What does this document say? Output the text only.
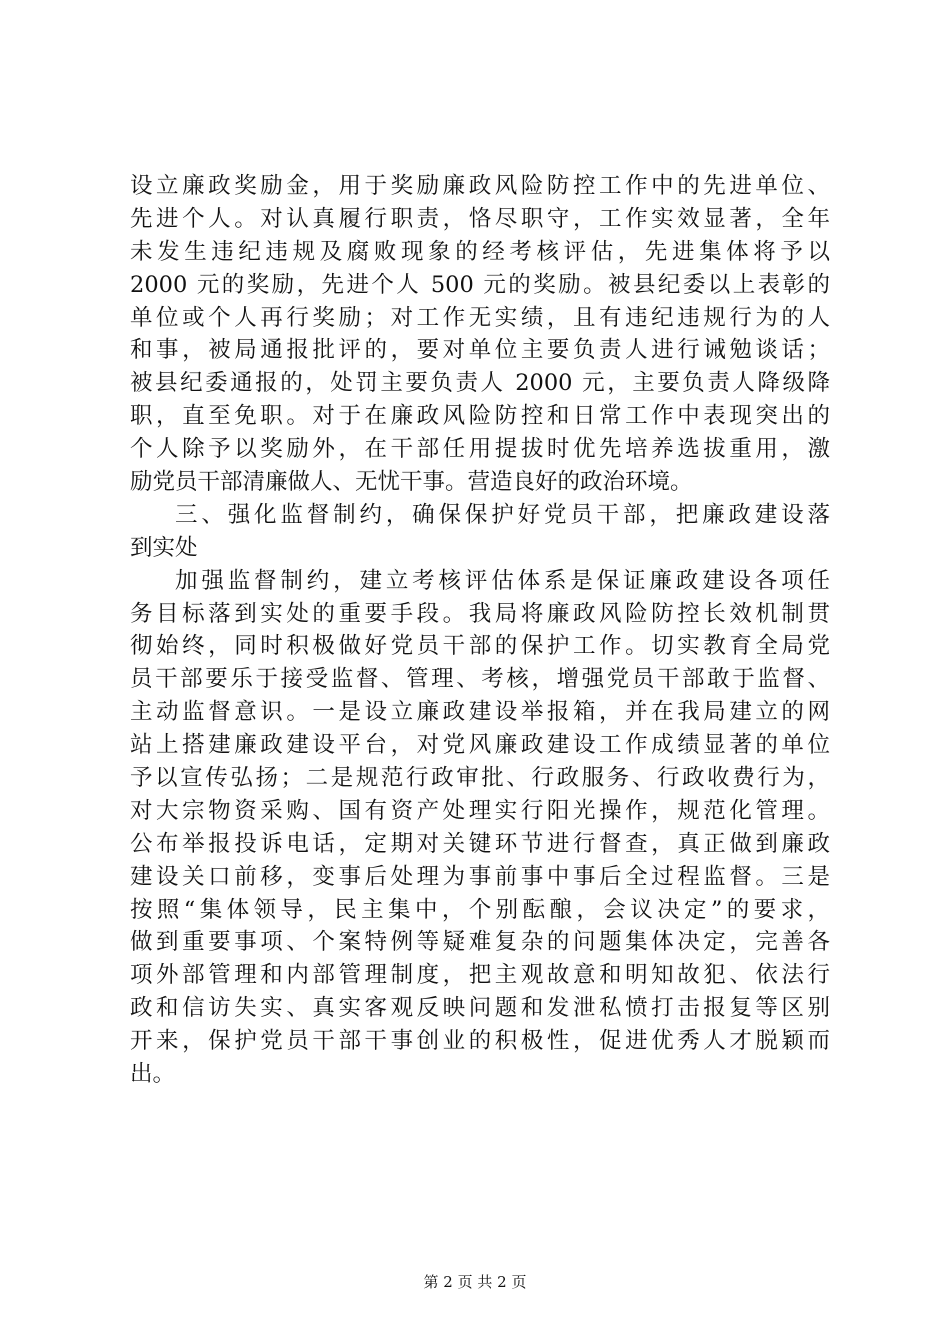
设立廉政奖励金，用于奖励廉政风险防控工作中的先进单位、
先进个人。对认真履行职责，恪尽职守，工作实效显著，全年
未发生违纪违规及腐败现象的经考核评估，先进集体将予以
2000 元的奖励，先进个人 500 元的奖励。被县纪委以上表彰的
单位或个人再行奖励；对工作无实绩，且有违纪违规行为的人
和事，被局通报批评的，要对单位主要负责人进行诫勉谈话；
被县纪委通报的，处罚主要负责人 2000 元，主要负责人降级降
职，直至免职。对于在廉政风险防控和日常工作中表现突出的
个人除予以奖励外，在干部任用提拔时优先培养选拔重用，激
励党员干部清廉做人、无忧干事。营造良好的政治环境。
三、强化监督制约，确保保护好党员干部，把廉政建设落
到实处
加强监督制约，建立考核评估体系是保证廉政建设各项任
务目标落到实处的重要手段。我局将廉政风险防控长效机制贯
彻始终，同时积极做好党员干部的保护工作。切实教育全局党
员干部要乐于接受监督、管理、考核，增强党员干部敢于监督、
主动监督意识。一是设立廉政建设举报箱，并在我局建立的网
站上搭建廉政建设平台，对党风廉政建设工作成绩显著的单位
予以宣传弘扬；二是规范行政审批、行政服务、行政收费行为，
对大宗物资采购、国有资产处理实行阳光操作，规范化管理。
公布举报投诉电话，定期对关键环节进行督查，真正做到廉政
建设关口前移，变事后处理为事前事中事后全过程监督。三是
按照“集体领导，民主集中，个别酝酿，会议决定”的要求，
做到重要事项、个案特例等疑难复杂的问题集体决定，完善各
项外部管理和内部管理制度，把主观故意和明知故犯、依法行
政和信访失实、真实客观反映问题和发泄私愤打击报复等区别
开来，保护党员干部干事创业的积极性，促进优秀人才脱颖而
出。
第 2 页 共 2 页
